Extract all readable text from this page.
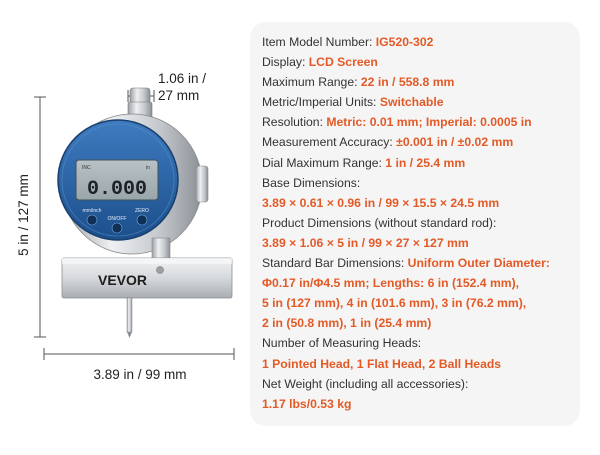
INC	in
0.000
mm/inch
ON/OFF
ZERO
VEVOR
1.06 in /
27 mm
5 in / 127 mm
3.89 in / 99 mm
Item Model Number: IG520-302
Display: LCD Screen
Maximum Range: 22 in / 558.8 mm
Metric/Imperial Units: Switchable
Resolution: Metric: 0.01 mm; Imperial: 0.0005 in
Measurement Accuracy: ±0.001 in / ±0.02 mm
Dial Maximum Range: 1 in / 25.4 mm
Base Dimensions:
3.89 × 0.61 × 0.96 in / 99 × 15.5 × 24.5 mm
Product Dimensions (without standard rod):
3.89 × 1.06 × 5 in / 99 × 27 × 127 mm
Standard Bar Dimensions: Uniform Outer Diameter:
Φ0.17 in/Φ4.5 mm; Lengths: 6 in (152.4 mm),
5 in (127 mm), 4 in (101.6 mm), 3 in (76.2 mm),
2 in (50.8 mm), 1 in (25.4 mm)
Number of Measuring Heads:
1 Pointed Head, 1 Flat Head, 2 Ball Heads
Net Weight (including all accessories):
1.17 lbs/0.53 kg
